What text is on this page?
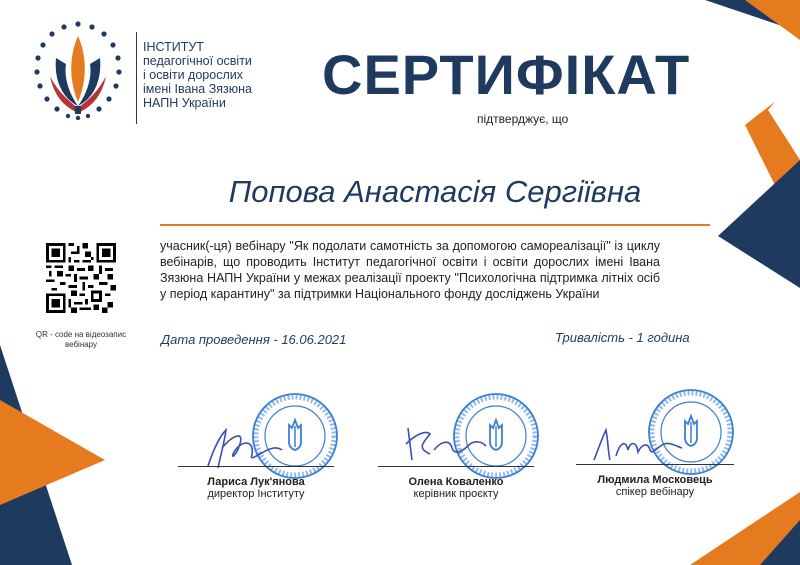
ІНСТИТУТ
педагогічної освіти
і освіти дорослих
імені Івана Зязюна
НАПН України	СЕРТИФІКАТ
підтверджує, що
Попова Анастасія Сергіївна
QR - code на відеозапис вебінару
учасник(-ця) вебінару "Як подолати самотність за допомогою самореалізації" із циклу вебінарів, що проводить Інститут педагогічної освіти і освіти дорослих імені Івана Зязюна НАПН України у межах реалізації проекту "Психологічна підтримка літніх осіб у період карантину" за підтримки Національного фонду досліджень України
Дата проведення - 16.06.2021	Тривалість - 1 година
Лариса Лук'янова
директор Інституту
Олена Коваленко
керівник проєкту
Людмила Московець
спікер вебінару
